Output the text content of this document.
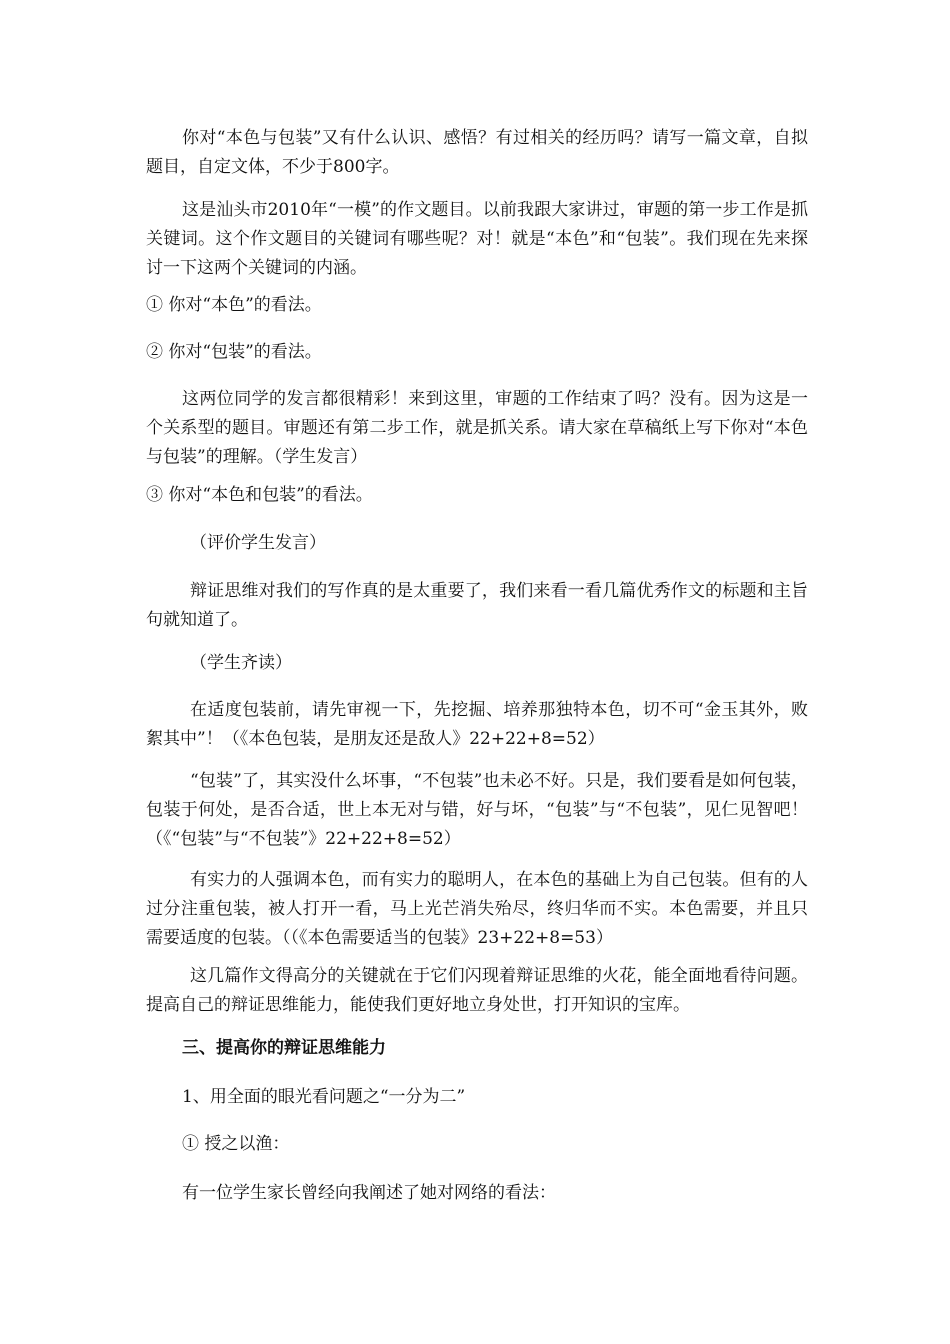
你对“本色与包装”又有什么认识、感悟？有过相关的经历吗？请写一篇文章，自拟题目，自定文体，不少于800字。

这是汕头市2010年“一模”的作文题目。以前我跟大家讲过，审题的第一步工作是抓关键词。这个作文题目的关键词有哪些呢？对！就是“本色”和“包装”。我们现在先来探讨一下这两个关键词的内涵。

① 你对“本色”的看法。

② 你对“包装”的看法。

这两位同学的发言都很精彩！来到这里，审题的工作结束了吗？没有。因为这是一个关系型的题目。审题还有第二步工作，就是抓关系。请大家在草稿纸上写下你对“本色与包装”的理解。（学生发言）

③ 你对“本色和包装”的看法。

（评价学生发言）

辩证思维对我们的写作真的是太重要了，我们来看一看几篇优秀作文的标题和主旨句就知道了。

（学生齐读）

在适度包装前，请先审视一下，先挖掘、培养那独特本色，切不可“金玉其外，败絮其中”！（《本色包装，是朋友还是敌人》22+22+8=52）

“包装”了，其实没什么坏事，“不包装”也未必不好。只是，我们要看是如何包装，包装于何处，是否合适，世上本无对与错，好与坏，“包装”与“不包装”，见仁见智吧！（《“包装”与“不包装”》22+22+8=52）

有实力的人强调本色，而有实力的聪明人，在本色的基础上为自己包装。但有的人过分注重包装，被人打开一看，马上光芒消失殆尽，终归华而不实。本色需要，并且只需要适度的包装。（（《本色需要适当的包装》23+22+8=53）

这几篇作文得高分的关键就在于它们闪现着辩证思维的火花，能全面地看待问题。提高自己的辩证思维能力，能使我们更好地立身处世，打开知识的宝库。

三、提高你的辩证思维能力

1、用全面的眼光看问题之“一分为二”

① 授之以渔：

有一位学生家长曾经向我阐述了她对网络的看法：
